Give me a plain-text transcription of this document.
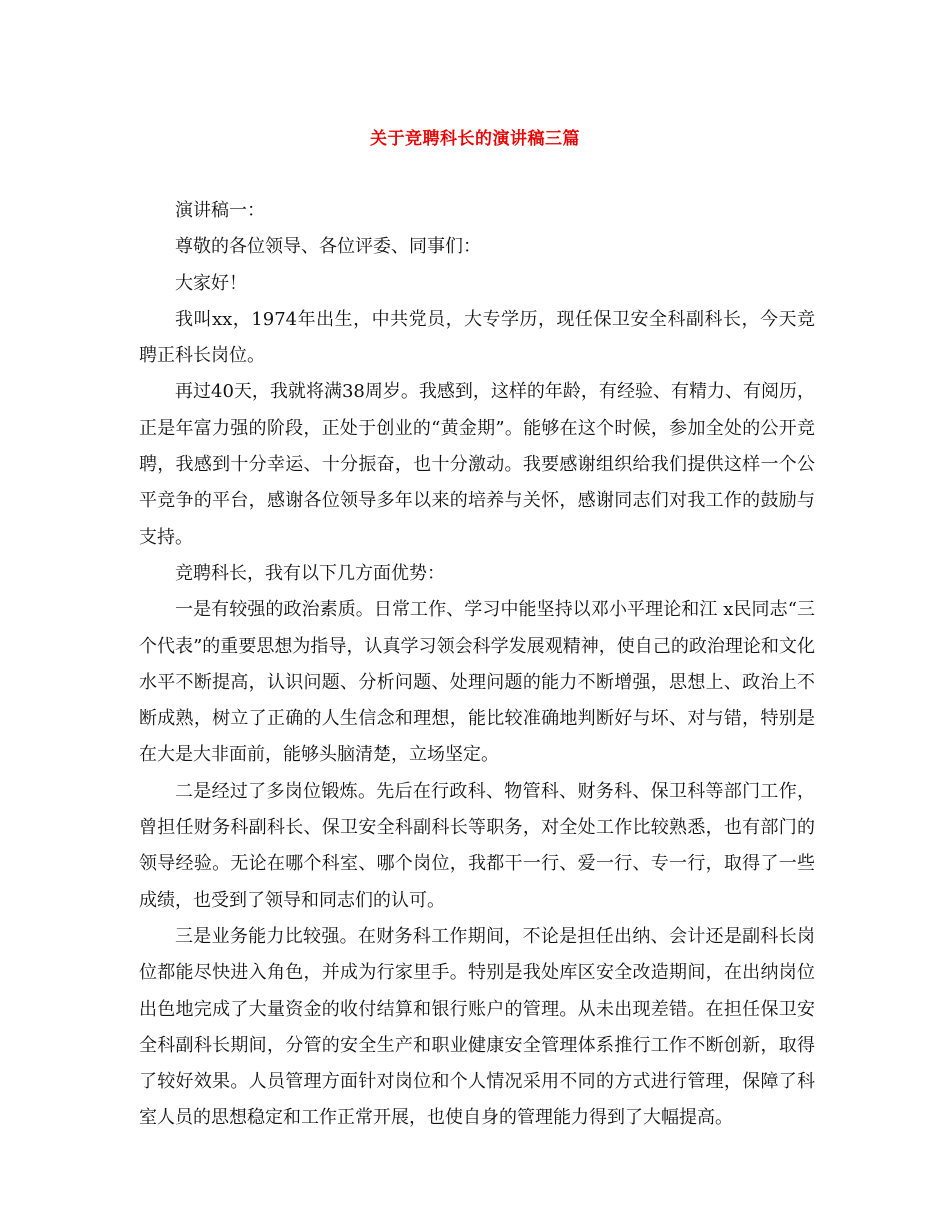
关于竞聘科长的演讲稿三篇

演讲稿一：

尊敬的各位领导、各位评委、同事们：

大家好！

我叫xx，1974年出生，中共党员，大专学历，现任保卫安全科副科长，今天竞聘正科长岗位。

再过40天，我就将满38周岁。我感到，这样的年龄，有经验、有精力、有阅历，正是年富力强的阶段，正处于创业的“黄金期”。能够在这个时候，参加全处的公开竞聘，我感到十分幸运、十分振奋，也十分激动。我要感谢组织给我们提供这样一个公平竞争的平台，感谢各位领导多年以来的培养与关怀，感谢同志们对我工作的鼓励与支持。

竞聘科长，我有以下几方面优势：

一是有较强的政治素质。日常工作、学习中能坚持以邓小平理论和江 x民同志“三个代表”的重要思想为指导，认真学习领会科学发展观精神，使自己的政治理论和文化水平不断提高，认识问题、分析问题、处理问题的能力不断增强，思想上、政治上不断成熟，树立了正确的人生信念和理想，能比较准确地判断好与坏、对与错，特别是在大是大非面前，能够头脑清楚，立场坚定。

二是经过了多岗位锻炼。先后在行政科、物管科、财务科、保卫科等部门工作，曾担任财务科副科长、保卫安全科副科长等职务，对全处工作比较熟悉，也有部门的领导经验。无论在哪个科室、哪个岗位，我都干一行、爱一行、专一行，取得了一些成绩，也受到了领导和同志们的认可。

三是业务能力比较强。在财务科工作期间，不论是担任出纳、会计还是副科长岗位都能尽快进入角色，并成为行家里手。特别是我处库区安全改造期间，在出纳岗位出色地完成了大量资金的收付结算和银行账户的管理。从未出现差错。在担任保卫安全科副科长期间，分管的安全生产和职业健康安全管理体系推行工作不断创新，取得了较好效果。人员管理方面针对岗位和个人情况采用不同的方式进行管理，保障了科室人员的思想稳定和工作正常开展，也使自身的管理能力得到了大幅提高。
